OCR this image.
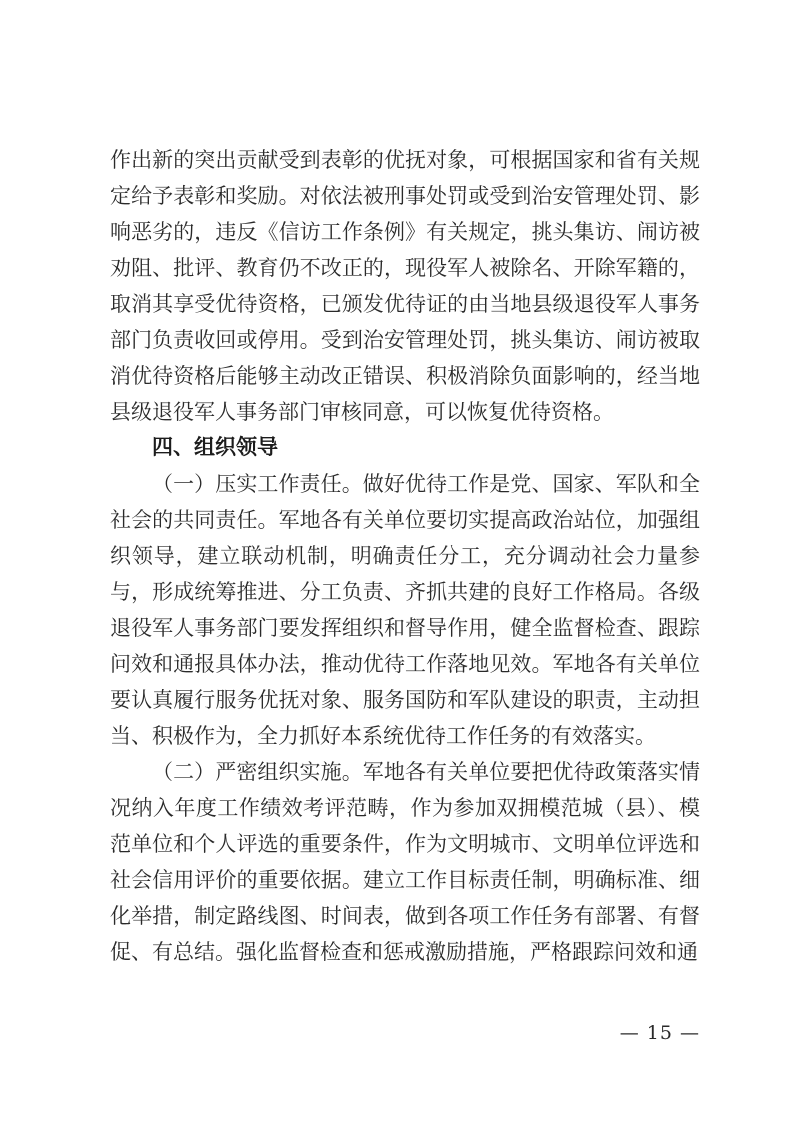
作出新的突出贡献受到表彰的优抚对象，可根据国家和省有关规定给予表彰和奖励。对依法被刑事处罚或受到治安管理处罚、影响恶劣的，违反《信访工作条例》有关规定，挑头集访、闹访被劝阻、批评、教育仍不改正的，现役军人被除名、开除军籍的，取消其享受优待资格，已颁发优待证的由当地县级退役军人事务部门负责收回或停用。受到治安管理处罚，挑头集访、闹访被取消优待资格后能够主动改正错误、积极消除负面影响的，经当地县级退役军人事务部门审核同意，可以恢复优待资格。

四、组织领导

（一）压实工作责任。做好优待工作是党、国家、军队和全社会的共同责任。军地各有关单位要切实提高政治站位，加强组织领导，建立联动机制，明确责任分工，充分调动社会力量参与，形成统筹推进、分工负责、齐抓共建的良好工作格局。各级退役军人事务部门要发挥组织和督导作用，健全监督检查、跟踪问效和通报具体办法，推动优待工作落地见效。军地各有关单位要认真履行服务优抚对象、服务国防和军队建设的职责，主动担当、积极作为，全力抓好本系统优待工作任务的有效落实。

（二）严密组织实施。军地各有关单位要把优待政策落实情况纳入年度工作绩效考评范畴，作为参加双拥模范城（县）、模范单位和个人评选的重要条件，作为文明城市、文明单位评选和社会信用评价的重要依据。建立工作目标责任制，明确标准、细化举措，制定路线图、时间表，做到各项工作任务有部署、有督促、有总结。强化监督检查和惩戒激励措施，严格跟踪问效和通

— 15 —
